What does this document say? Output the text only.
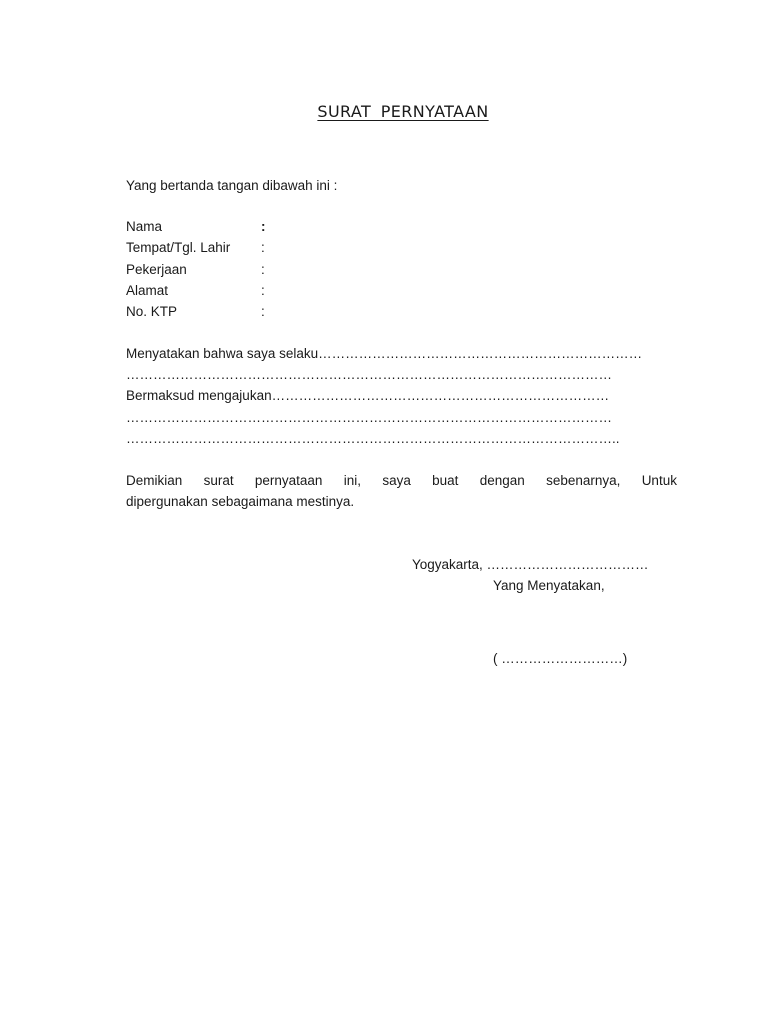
SURAT PERNYATAAN
Yang bertanda tangan dibawah ini :
Nama	:
Tempat/Tgl. Lahir :
Pekerjaan	:
Alamat	:
No. KTP	:
Menyatakan bahwa saya selaku………………………………………………………………
………………………………………………………………………………………………
Bermaksud mengajukan…………………………………………………………………
………………………………………………………………………………………………
………………………………………………………………………………………………..
Demikian surat pernyataan ini, saya buat dengan sebenarnya, Untuk
dipergunakan sebagaimana mestinya.
Yogyakarta, ………………………………
Yang Menyatakan,
( ………………………)
